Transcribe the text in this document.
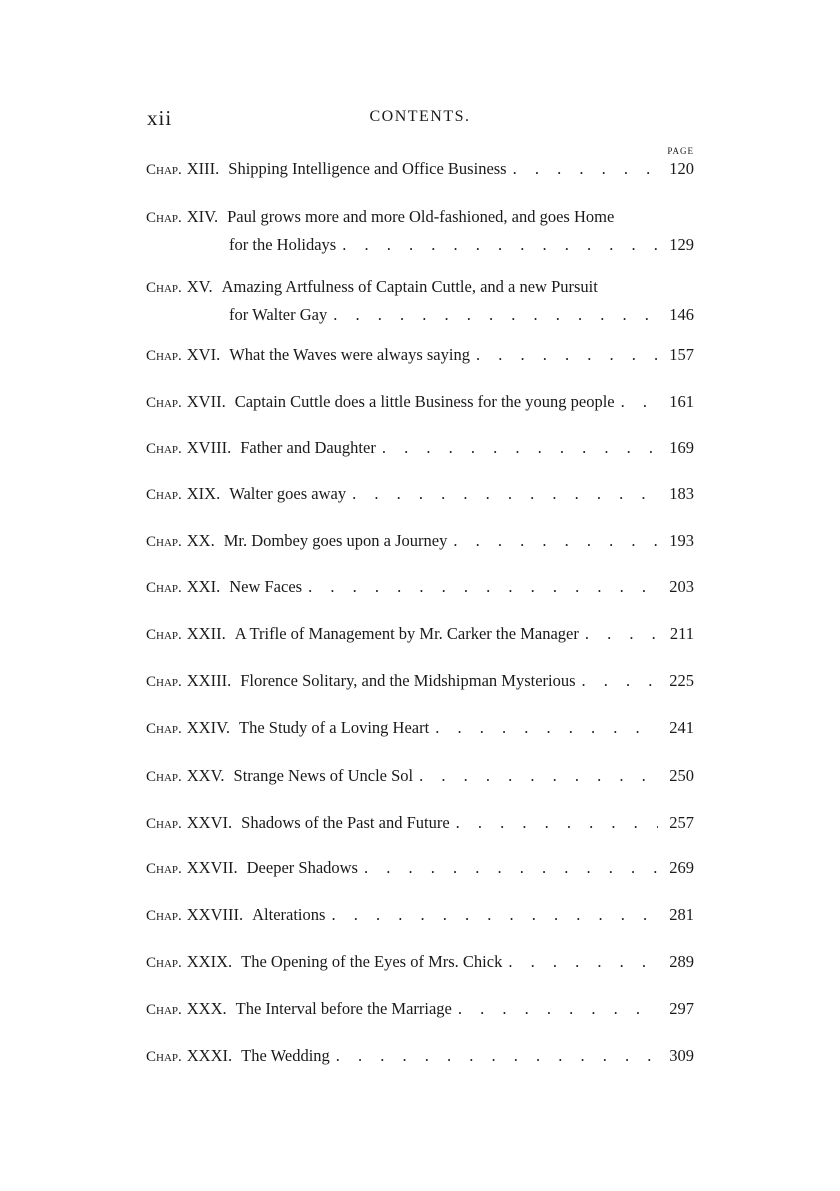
xii	CONTENTS.
PAGE
Chap. XIII. Shipping Intelligence and Office Business . . .	120
Chap. XIV. Paul grows more and more Old-fashioned, and goes Home
for the Holidays . . .	129
Chap. XV. Amazing Artfulness of Captain Cuttle, and a new Pursuit
for Walter Gay . . .	146
Chap. XVI. What the Waves were always saying . . .	157
Chap. XVII. Captain Cuttle does a little Business for the young people . . .	161
Chap. XVIII. Father and Daughter . . .	169
Chap. XIX. Walter goes away . . .	183
Chap. XX. Mr. Dombey goes upon a Journey . . .	193
Chap. XXI. New Faces . . .	203
Chap. XXII. A Trifle of Management by Mr. Carker the Manager . . .	211
Chap. XXIII. Florence Solitary, and the Midshipman Mysterious . . .	225
Chap. XXIV. The Study of a Loving Heart . . .	241
Chap. XXV. Strange News of Uncle Sol . . .	250
Chap. XXVI. Shadows of the Past and Future . . .	257
Chap. XXVII. Deeper Shadows . . .	269
Chap. XXVIII. Alterations . . .	281
Chap. XXIX. The Opening of the Eyes of Mrs. Chick . . .	289
Chap. XXX. The Interval before the Marriage . . .	297
Chap. XXXI. The Wedding . . .	309
